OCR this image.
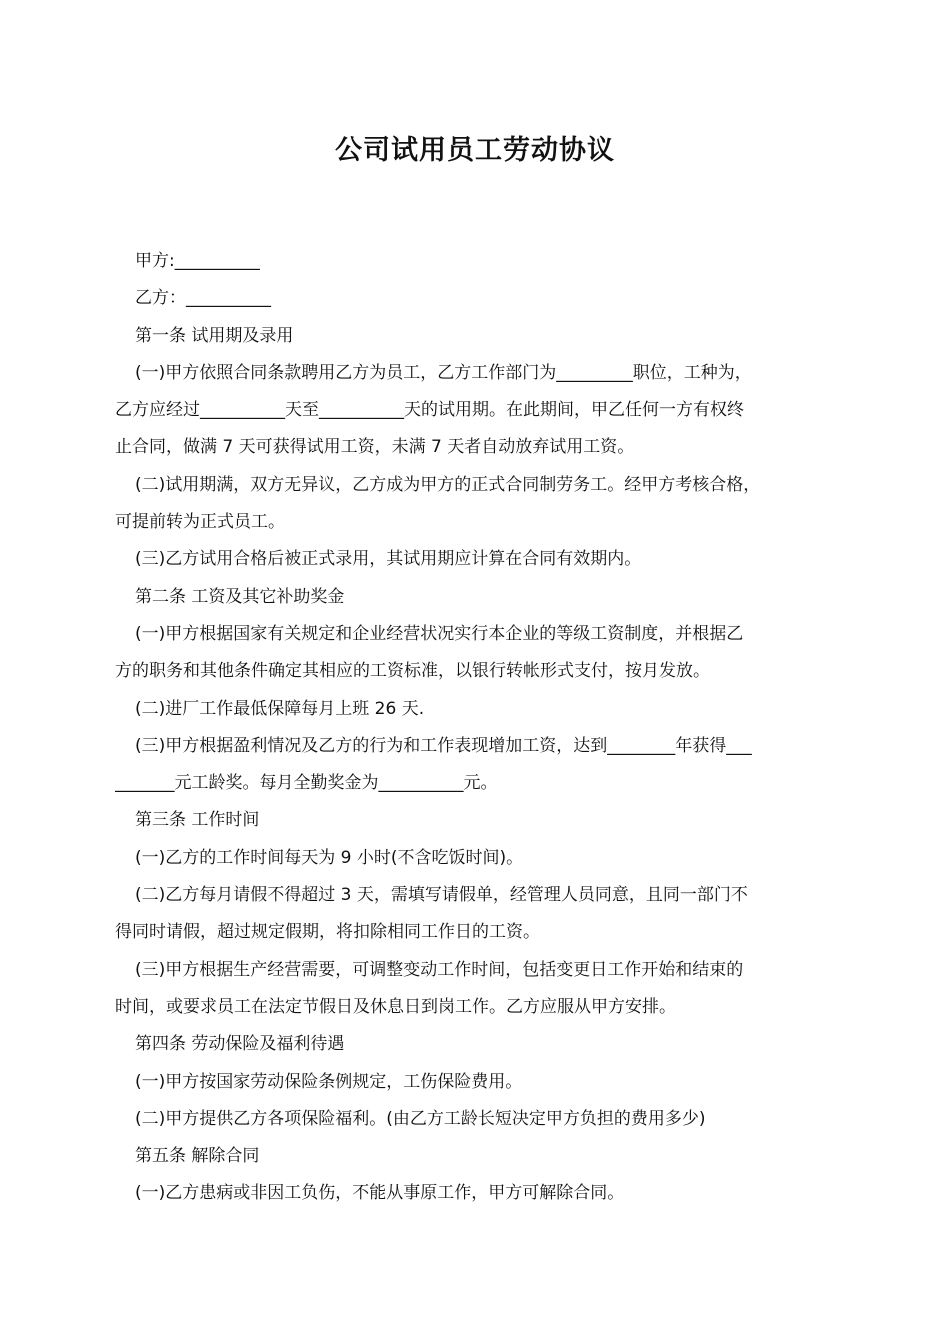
公司试用员工劳动协议

甲方:__________

乙方：__________

第一条 试用期及录用

(一)甲方依照合同条款聘用乙方为员工，乙方工作部门为_________职位，工种为，

乙方应经过__________天至__________天的试用期。在此期间，甲乙任何一方有权终

止合同，做满 7 天可获得试用工资，未满 7 天者自动放弃试用工资。

(二)试用期满，双方无异议，乙方成为甲方的正式合同制劳务工。经甲方考核合格，

可提前转为正式员工。

(三)乙方试用合格后被正式录用，其试用期应计算在合同有效期内。

第二条 工资及其它补助奖金

(一)甲方根据国家有关规定和企业经营状况实行本企业的等级工资制度，并根据乙

方的职务和其他条件确定其相应的工资标准，以银行转帐形式支付，按月发放。

(二)进厂工作最低保障每月上班 26 天.

(三)甲方根据盈利情况及乙方的行为和工作表现增加工资，达到________年获得___

_______元工龄奖。每月全勤奖金为__________元。

第三条 工作时间

(一)乙方的工作时间每天为 9 小时(不含吃饭时间)。

(二)乙方每月请假不得超过 3 天，需填写请假单，经管理人员同意，且同一部门不

得同时请假，超过规定假期，将扣除相同工作日的工资。

(三)甲方根据生产经营需要，可调整变动工作时间，包括变更日工作开始和结束的

时间，或要求员工在法定节假日及休息日到岗工作。乙方应服从甲方安排。

第四条 劳动保险及福利待遇

(一)甲方按国家劳动保险条例规定，工伤保险费用。

(二)甲方提供乙方各项保险福利。(由乙方工龄长短决定甲方负担的费用多少)

第五条 解除合同

(一)乙方患病或非因工负伤，不能从事原工作，甲方可解除合同。
